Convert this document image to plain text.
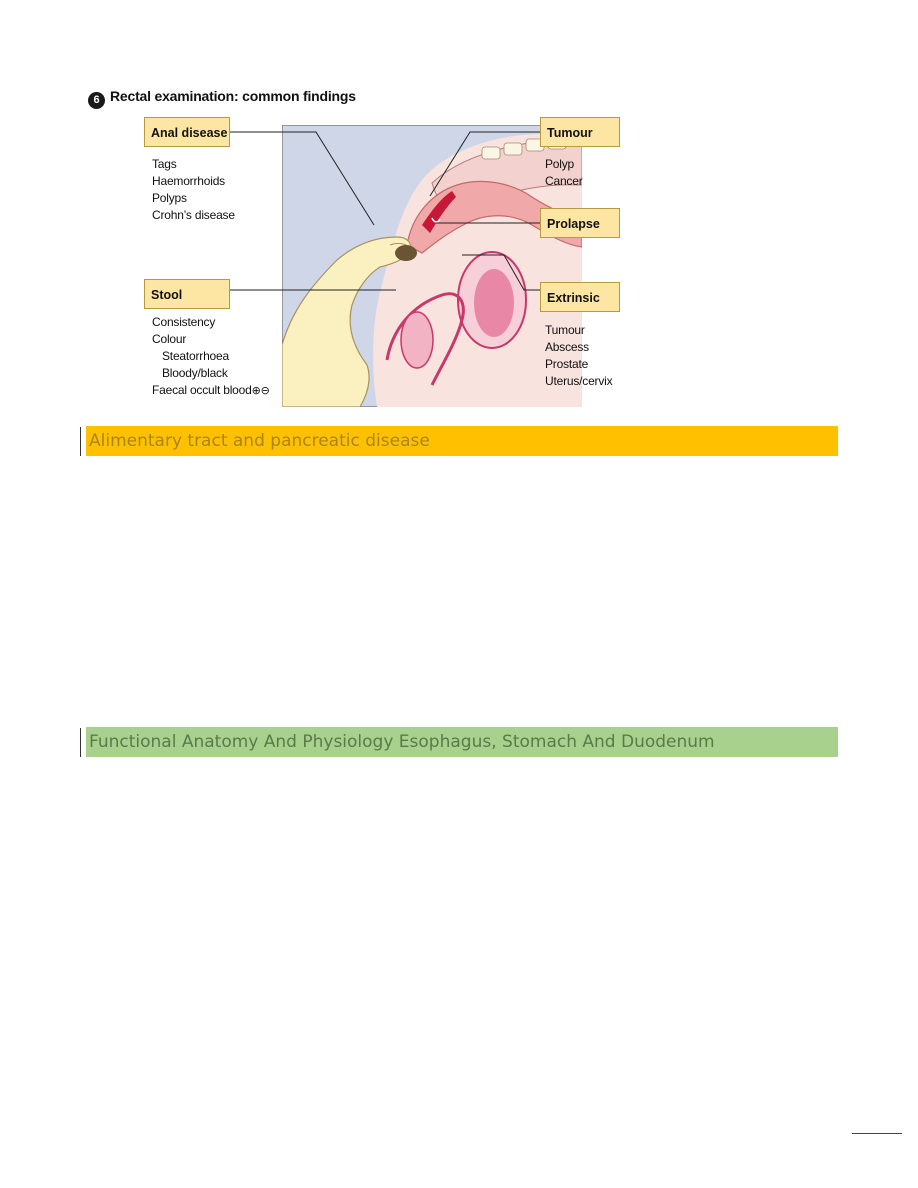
6 Rectal examination: common findings
Anal disease
Tags
Haemorrhoids
Polyps
Crohn’s disease
Stool
Consistency
Colour
Steatorrhoea
Bloody/black
Faecal occult blood⊕⊖
Tumour
Polyp
Cancer
Prolapse
Extrinsic
Tumour
Abscess
Prostate
Uterus/cervix
Alimentary tract and pancreatic disease
Functional Anatomy And Physiology Esophagus, Stomach And Duodenum
